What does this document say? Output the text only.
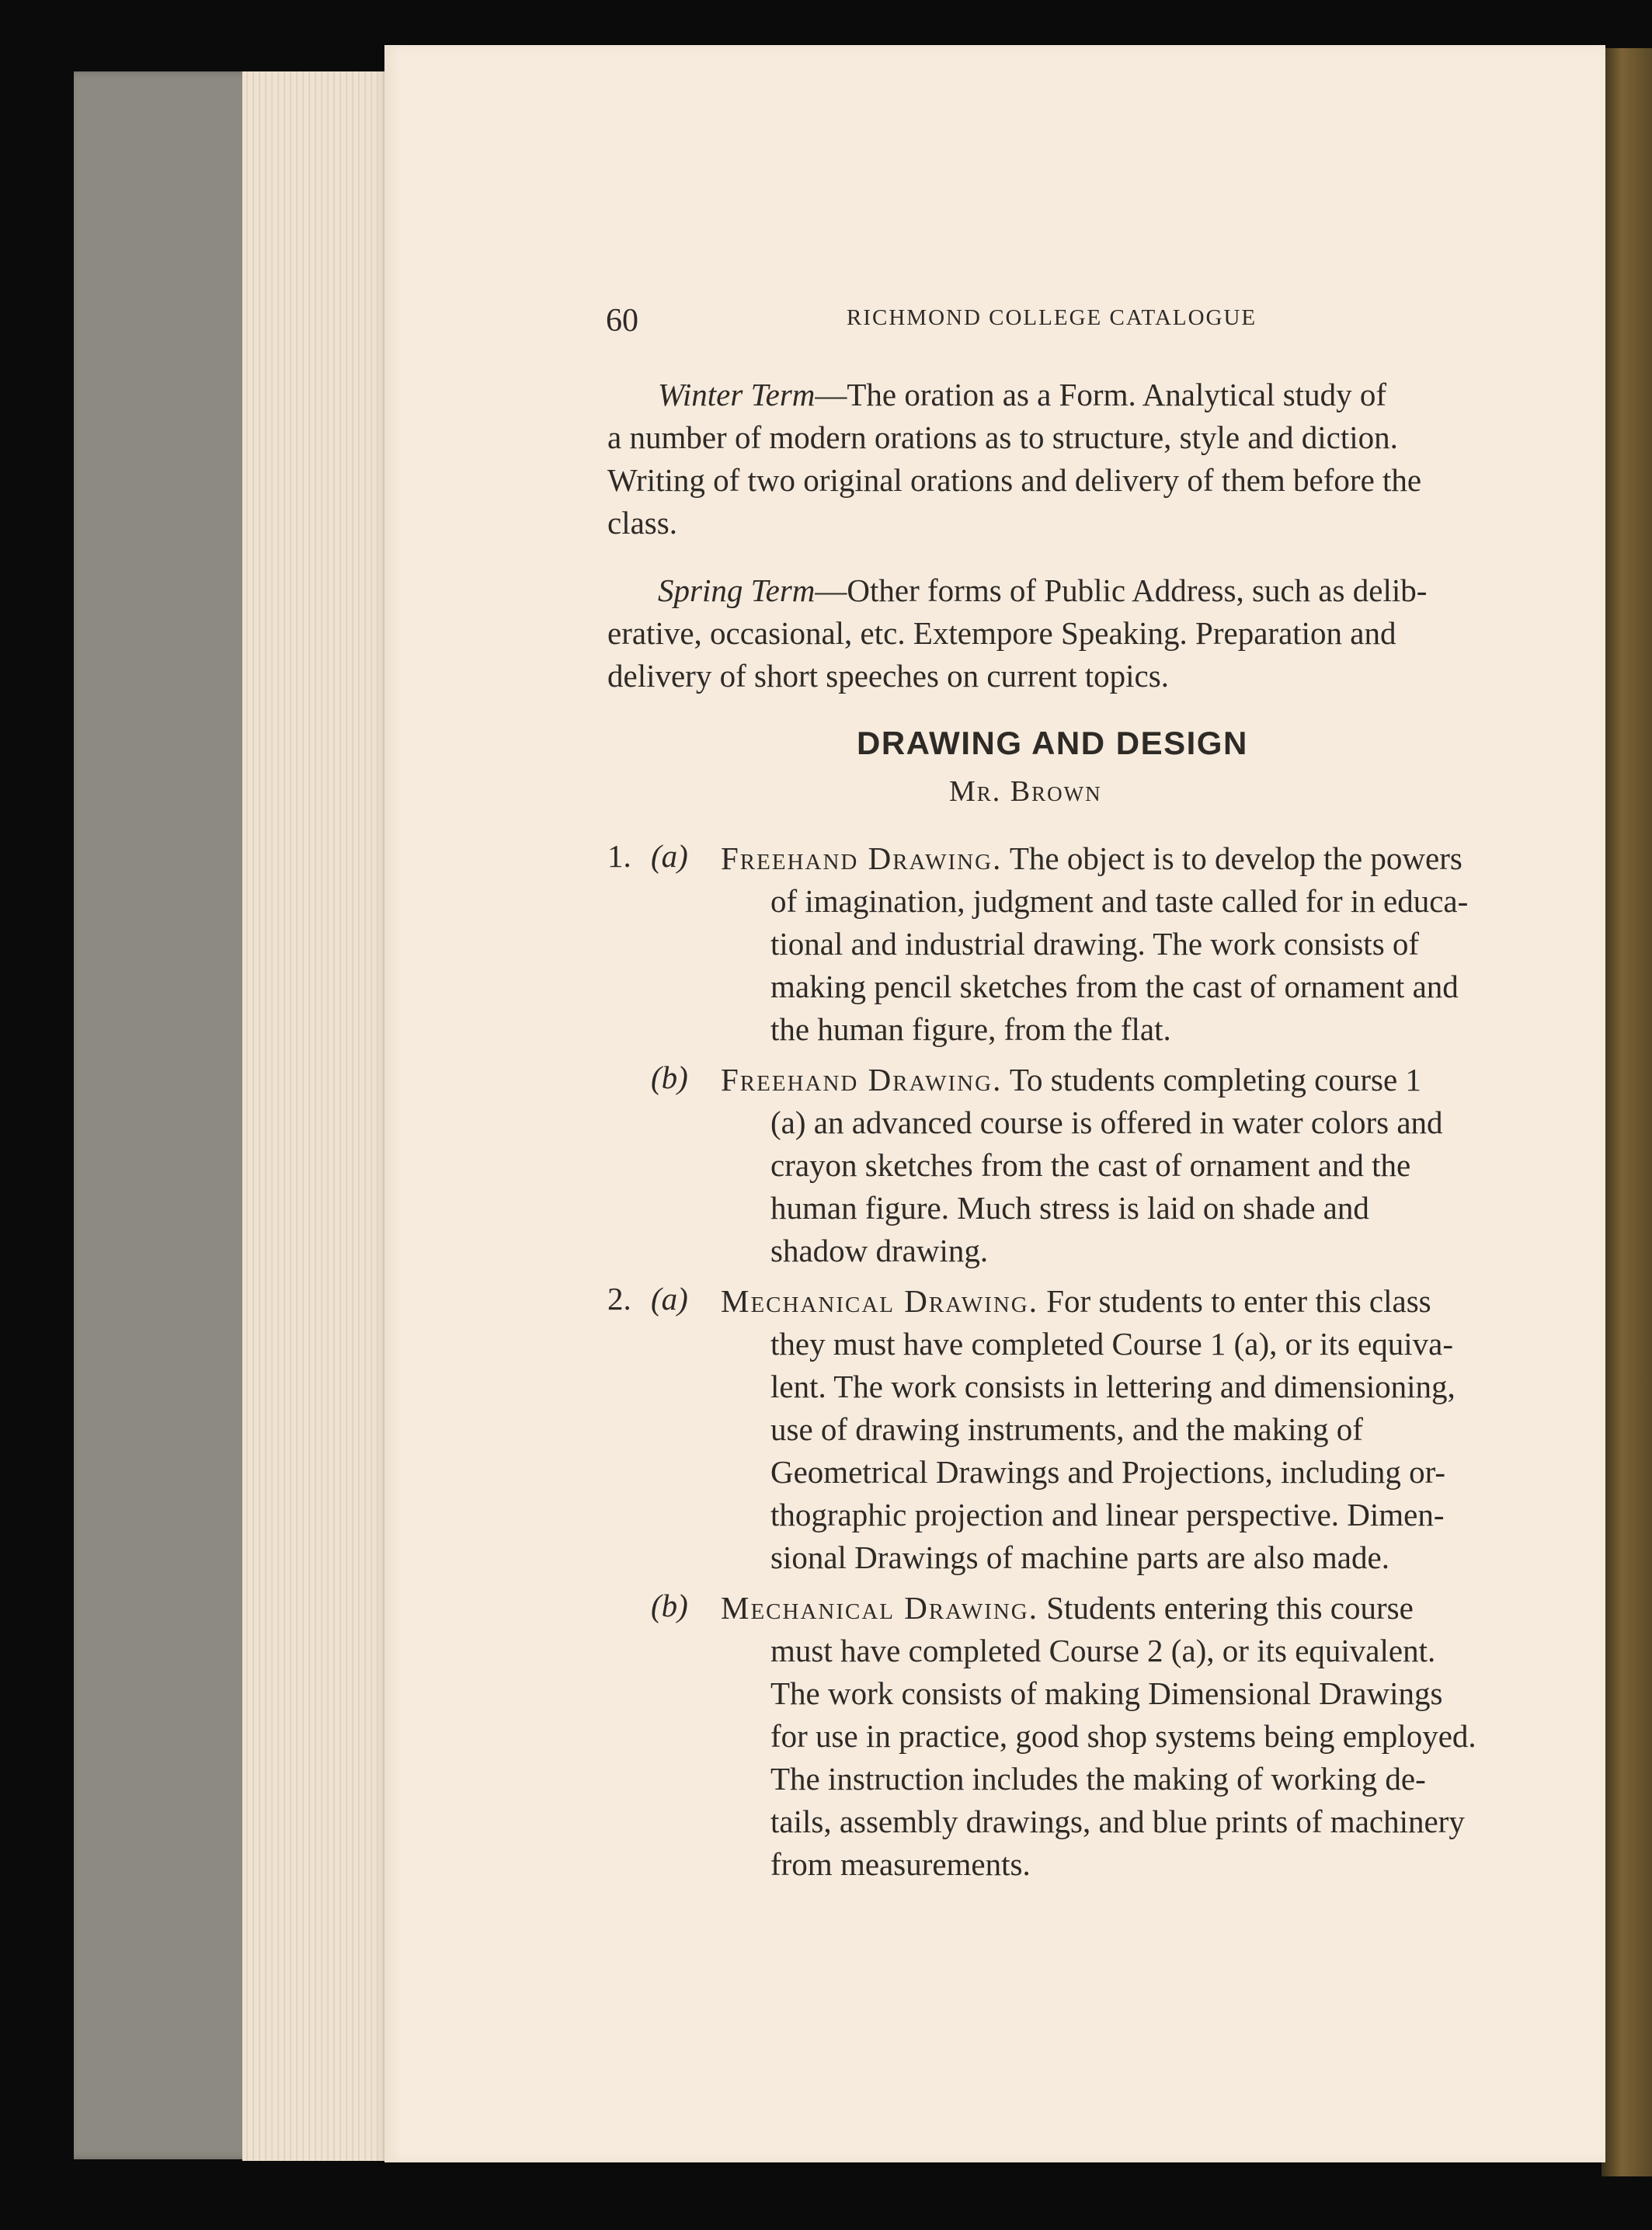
60	RICHMOND COLLEGE CATALOGUE
Winter Term—The oration as a Form. Analytical study of
a number of modern orations as to structure, style and diction.
Writing of two original orations and delivery of them before the
class.
Spring Term—Other forms of Public Address, such as delib-
erative, occasional, etc. Extempore Speaking. Preparation and
delivery of short speeches on current topics.
DRAWING AND DESIGN
Mr. Brown
1. (a) Freehand Drawing. The object is to develop the powers
of imagination, judgment and taste called for in educa-
tional and industrial drawing. The work consists of
making pencil sketches from the cast of ornament and
the human figure, from the flat.
(b) Freehand Drawing. To students completing course 1
(a) an advanced course is offered in water colors and
crayon sketches from the cast of ornament and the
human figure. Much stress is laid on shade and
shadow drawing.
2. (a) Mechanical Drawing. For students to enter this class
they must have completed Course 1 (a), or its equiva-
lent. The work consists in lettering and dimensioning,
use of drawing instruments, and the making of
Geometrical Drawings and Projections, including or-
thographic projection and linear perspective. Dimen-
sional Drawings of machine parts are also made.
(b) Mechanical Drawing. Students entering this course
must have completed Course 2 (a), or its equivalent.
The work consists of making Dimensional Drawings
for use in practice, good shop systems being employed.
The instruction includes the making of working de-
tails, assembly drawings, and blue prints of machinery
from measurements.
